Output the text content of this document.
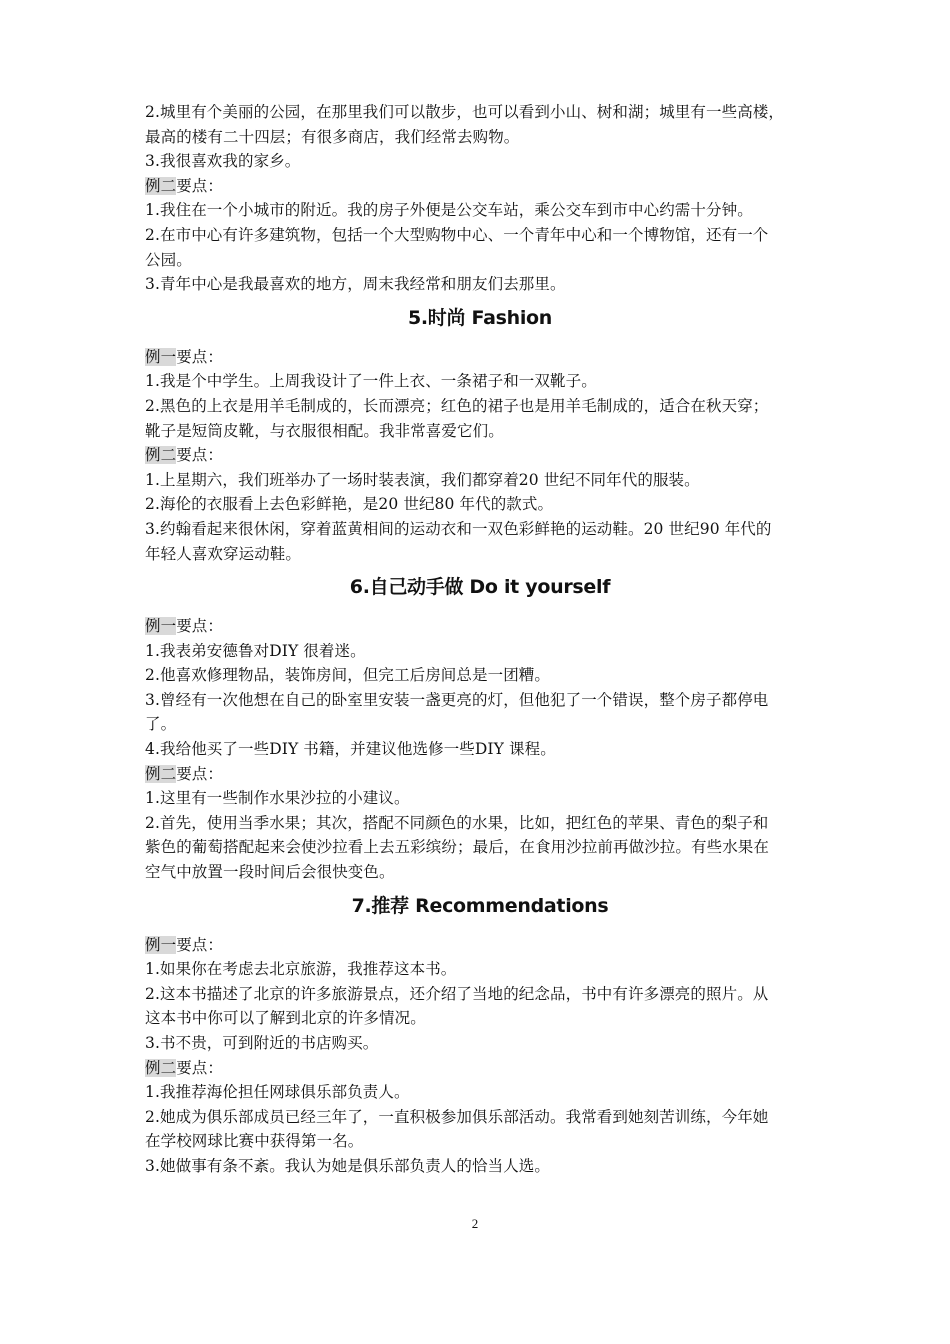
2.城里有个美丽的公园，在那里我们可以散步，也可以看到小山、树和湖；城里有一些高楼，
最高的楼有二十四层；有很多商店，我们经常去购物。
3.我很喜欢我的家乡。
例二要点：
1.我住在一个小城市的附近。我的房子外便是公交车站，乘公交车到市中心约需十分钟。
2.在市中心有许多建筑物，包括一个大型购物中心、一个青年中心和一个博物馆，还有一个
公园。
3.青年中心是我最喜欢的地方，周末我经常和朋友们去那里。
5.时尚 Fashion
例一要点：
1.我是个中学生。上周我设计了一件上衣、一条裙子和一双靴子。
2.黑色的上衣是用羊毛制成的，长而漂亮；红色的裙子也是用羊毛制成的，适合在秋天穿；
靴子是短筒皮靴，与衣服很相配。我非常喜爱它们。
例二要点：
1.上星期六，我们班举办了一场时装表演，我们都穿着20 世纪不同年代的服装。
2.海伦的衣服看上去色彩鲜艳，是20 世纪80 年代的款式。
3.约翰看起来很休闲，穿着蓝黄相间的运动衣和一双色彩鲜艳的运动鞋。20 世纪90 年代的
年轻人喜欢穿运动鞋。
6.自己动手做 Do it yourself
例一要点：
1.我表弟安德鲁对DIY 很着迷。
2.他喜欢修理物品，装饰房间，但完工后房间总是一团糟。
3.曾经有一次他想在自己的卧室里安装一盏更亮的灯，但他犯了一个错误，整个房子都停电
了。
4.我给他买了一些DIY 书籍，并建议他选修一些DIY 课程。
例二要点：
1.这里有一些制作水果沙拉的小建议。
2.首先，使用当季水果；其次，搭配不同颜色的水果，比如，把红色的苹果、青色的梨子和
紫色的葡萄搭配起来会使沙拉看上去五彩缤纷；最后，在食用沙拉前再做沙拉。有些水果在
空气中放置一段时间后会很快变色。
7.推荐 Recommendations
例一要点：
1.如果你在考虑去北京旅游，我推荐这本书。
2.这本书描述了北京的许多旅游景点，还介绍了当地的纪念品，书中有许多漂亮的照片。从
这本书中你可以了解到北京的许多情况。
3.书不贵，可到附近的书店购买。
例二要点：
1.我推荐海伦担任网球俱乐部负责人。
2.她成为俱乐部成员已经三年了，一直积极参加俱乐部活动。我常看到她刻苦训练，今年她
在学校网球比赛中获得第一名。
3.她做事有条不紊。我认为她是俱乐部负责人的恰当人选。
2
